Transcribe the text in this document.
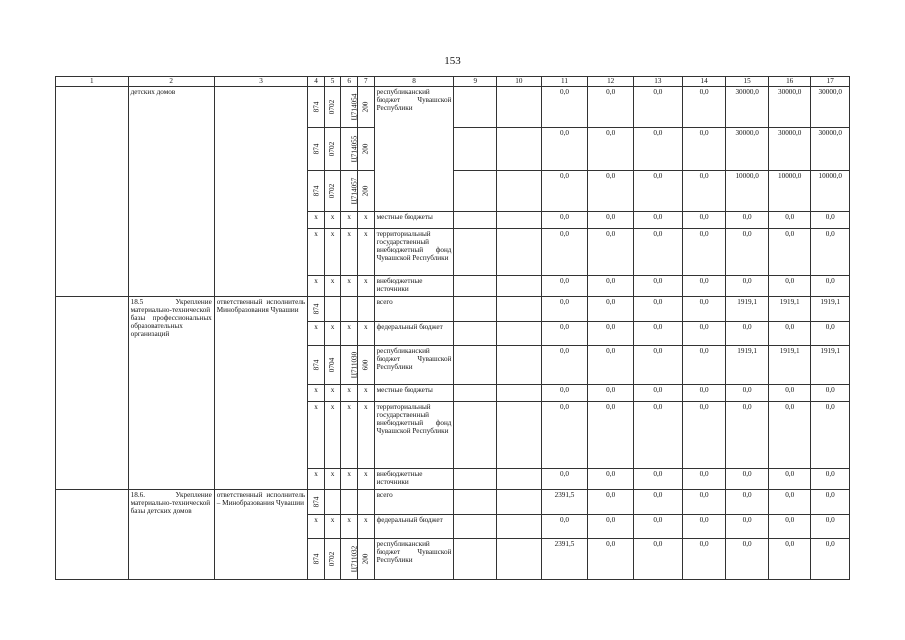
153
1	2	3	4	5	6	7	8	9	10	11	12	13	14	15	16	17
	детских домов		874	0702	Ц714054	200	республиканский бюджет Чувашской Республики			0,0	0,0	0,0	0,0	30000,0	30000,0	30000,0
			874	0702	Ц714055	200				0,0	0,0	0,0	0,0	30000,0	30000,0	30000,0
			874	0702	Ц714057	200				0,0	0,0	0,0	0,0	10000,0	10000,0	10000,0
			x	x	x	x	местные бюджеты			0,0	0,0	0,0	0,0	0,0	0,0	0,0
			x	x	x	x	территориальный государственный внебюджетный фонд Чувашской Республики			0,0	0,0	0,0	0,0	0,0	0,0	0,0
			x	x	x	x	внебюджетные источники			0,0	0,0	0,0	0,0	0,0	0,0	0,0
	18.5 Укрепление материально-технической базы профессиональных образовательных организаций	ответственный исполнитель Минобразования Чувашии	874				всего			0,0	0,0	0,0	0,0	1919,1	1919,1	1919,1
			x	x	x	x	федеральный бюджет			0,0	0,0	0,0	0,0	0,0	0,0	0,0
			874	0704	Ц711030	600	республиканский бюджет Чувашской Республики			0,0	0,0	0,0	0,0	1919,1	1919,1	1919,1
			x	x	x	x	местные бюджеты			0,0	0,0	0,0	0,0	0,0	0,0	0,0
			x	x	x	x	территориальный государственный внебюджетный фонд Чувашской Республики			0,0	0,0	0,0	0,0	0,0	0,0	0,0
			x	x	x	x	внебюджетные источники			0,0	0,0	0,0	0,0	0,0	0,0	0,0
	18.6. Укрепление материально-технической базы детских домов	ответственный исполнитель – Минобразования Чувашии	874				всего			2391,5	0,0	0,0	0,0	0,0	0,0	0,0
			x	x	x	x	федеральный бюджет			0,0	0,0	0,0	0,0	0,0	0,0	0,0
			874	0702	Ц711032	200	республиканский бюджет Чувашской Республики			2391,5	0,0	0,0	0,0	0,0	0,0	0,0
